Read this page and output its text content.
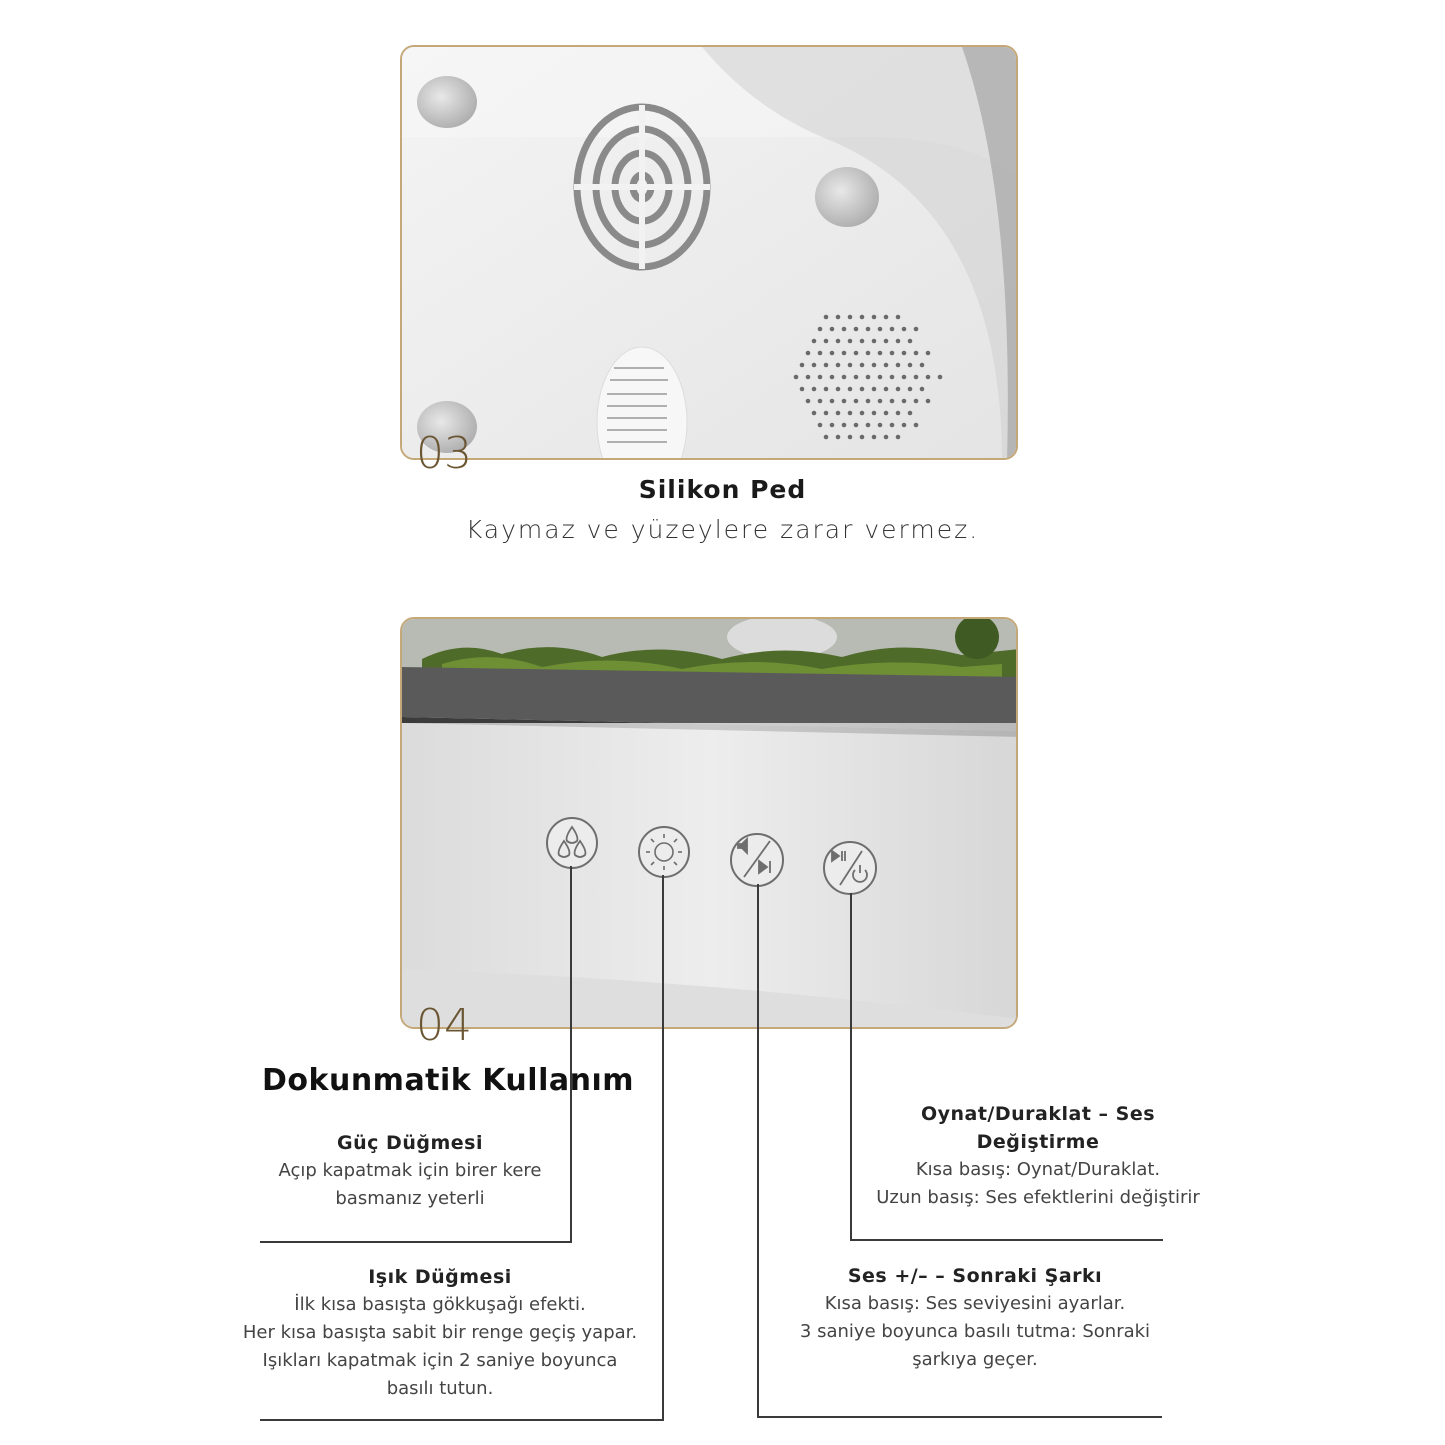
03
Silikon Ped
Kaymaz ve yüzeylere zarar vermez.
04
Dokunmatik Kullanım
Güç Düğmesi
Açıp kapatmak için birer kere
basmanız yeterli
Işık Düğmesi
İlk kısa basışta gökkuşağı efekti.
Her kısa basışta sabit bir renge geçiş yapar.
Işıkları kapatmak için 2 saniye boyunca
basılı tutun.
Oynat/Duraklat – Ses
Değiştirme
Kısa basış: Oynat/Duraklat.
Uzun basış: Ses efektlerini değiştirir
Ses +/– – Sonraki Şarkı
Kısa basış: Ses seviyesini ayarlar.
3 saniye boyunca basılı tutma: Sonraki
şarkıya geçer.
